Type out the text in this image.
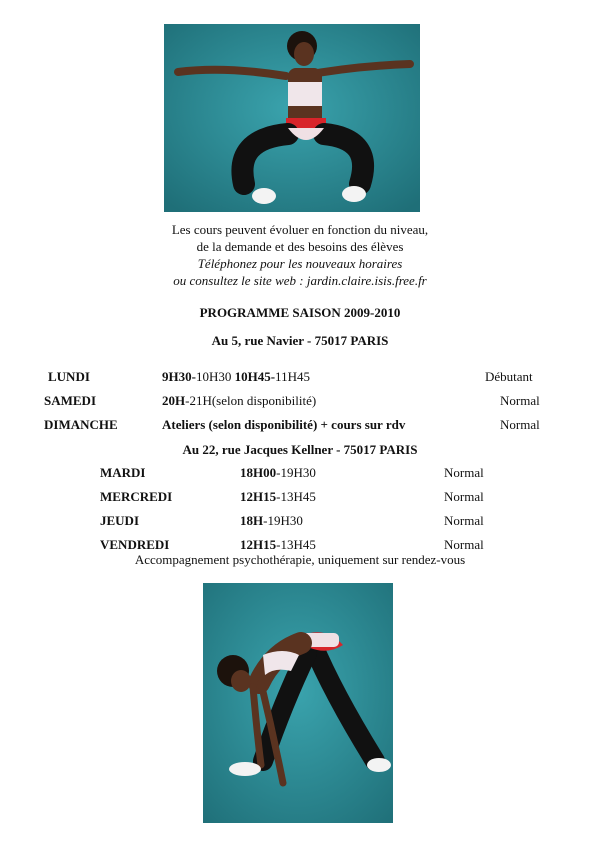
Les cours peuvent évoluer en fonction du niveau,
de la demande et des besoins des élèves
Téléphonez pour les nouveaux horaires
ou consultez le site web : jardin.claire.isis.free.fr
PROGRAMME SAISON 2009-2010
Au 5, rue Navier - 75017 PARIS
LUNDI	9H30-10H30 10H45-11H45	Débutant
SAMEDI	20H-21H(selon disponibilité)	Normal
DIMANCHE	Ateliers (selon disponibilité) + cours sur rdv	Normal
Au 22, rue Jacques Kellner - 75017 PARIS
MARDI	18H00-19H30	Normal
MERCREDI	12H15-13H45	Normal
JEUDI	18H-19H30	Normal
VENDREDI	12H15-13H45	Normal
Accompagnement psychothérapie, uniquement sur rendez-vous
